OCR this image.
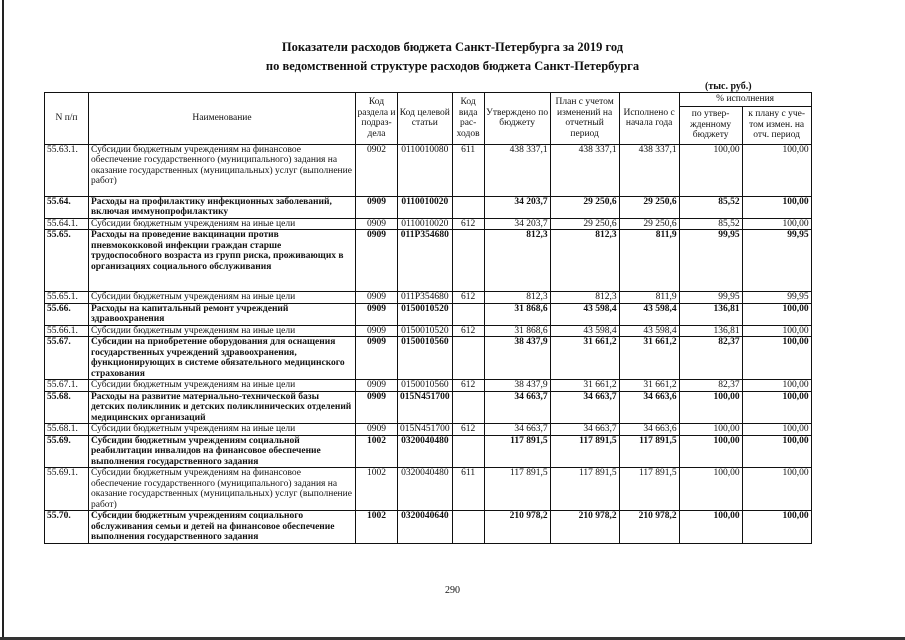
Показатели расходов бюджета Санкт-Петербурга за 2019 год
по ведомственной структуре расходов бюджета Санкт-Петербурга
(тыс. руб.)
N п/п	Наименование	Код раздела и подраз- дела	Код целевой статьи	Код вида рас- ходов	Утверждено по бюджету	План с учетом изменений на отчетный период	Исполнено с начала года	% исполнения	
								по утвер- жденному бюджету	к плану с уче- том измен. на отч. период
55.63.1.	Субсидии бюджетным учреждениям на финансовое обеспечение государственного (муниципального) задания на оказание государственных (муниципальных) услуг (выполнение работ)	0902	0110010080	611	438 337,1	438 337,1	438 337,1	100,00	100,00
55.64.	Расходы на профилактику инфекционных заболеваний, включая иммунопрофилактику	0909	0110010020		34 203,7	29 250,6	29 250,6	85,52	100,00
55.64.1.	Субсидии бюджетным учреждениям на иные цели	0909	0110010020	612	34 203,7	29 250,6	29 250,6	85,52	100,00
55.65.	Расходы на проведение вакцинации против пневмококковой инфекции граждан старше трудоспособного возраста из групп риска, проживающих в организациях социального обслуживания	0909	011P354680		812,3	812,3	811,9	99,95	99,95
55.65.1.	Субсидии бюджетным учреждениям на иные цели	0909	011P354680	612	812,3	812,3	811,9	99,95	99,95
55.66.	Расходы на капитальный ремонт учреждений здравоохранения	0909	0150010520		31 868,6	43 598,4	43 598,4	136,81	100,00
55.66.1.	Субсидии бюджетным учреждениям на иные цели	0909	0150010520	612	31 868,6	43 598,4	43 598,4	136,81	100,00
55.67.	Субсидии на приобретение оборудования для оснащения государственных учреждений здравоохранения, функционирующих в системе обязательного медицинского страхования	0909	0150010560		38 437,9	31 661,2	31 661,2	82,37	100,00
55.67.1.	Субсидии бюджетным учреждениям на иные цели	0909	0150010560	612	38 437,9	31 661,2	31 661,2	82,37	100,00
55.68.	Расходы на развитие материально-технической базы детских поликлиник и детских поликлинических отделений медицинских организаций	0909	015N451700		34 663,7	34 663,7	34 663,6	100,00	100,00
55.68.1.	Субсидии бюджетным учреждениям на иные цели	0909	015N451700	612	34 663,7	34 663,7	34 663,6	100,00	100,00
55.69.	Субсидии бюджетным учреждениям социальной реабилитации инвалидов на финансовое обеспечение выполнения государственного задания	1002	0320040480		117 891,5	117 891,5	117 891,5	100,00	100,00
55.69.1.	Субсидии бюджетным учреждениям на финансовое обеспечение государственного (муниципального) задания на оказание государственных (муниципальных) услуг (выполнение работ)	1002	0320040480	611	117 891,5	117 891,5	117 891,5	100,00	100,00
55.70.	Субсидии бюджетным учреждениям социального обслуживания семьи и детей на финансовое обеспечение выполнения государственного задания	1002	0320040640		210 978,2	210 978,2	210 978,2	100,00	100,00
290
